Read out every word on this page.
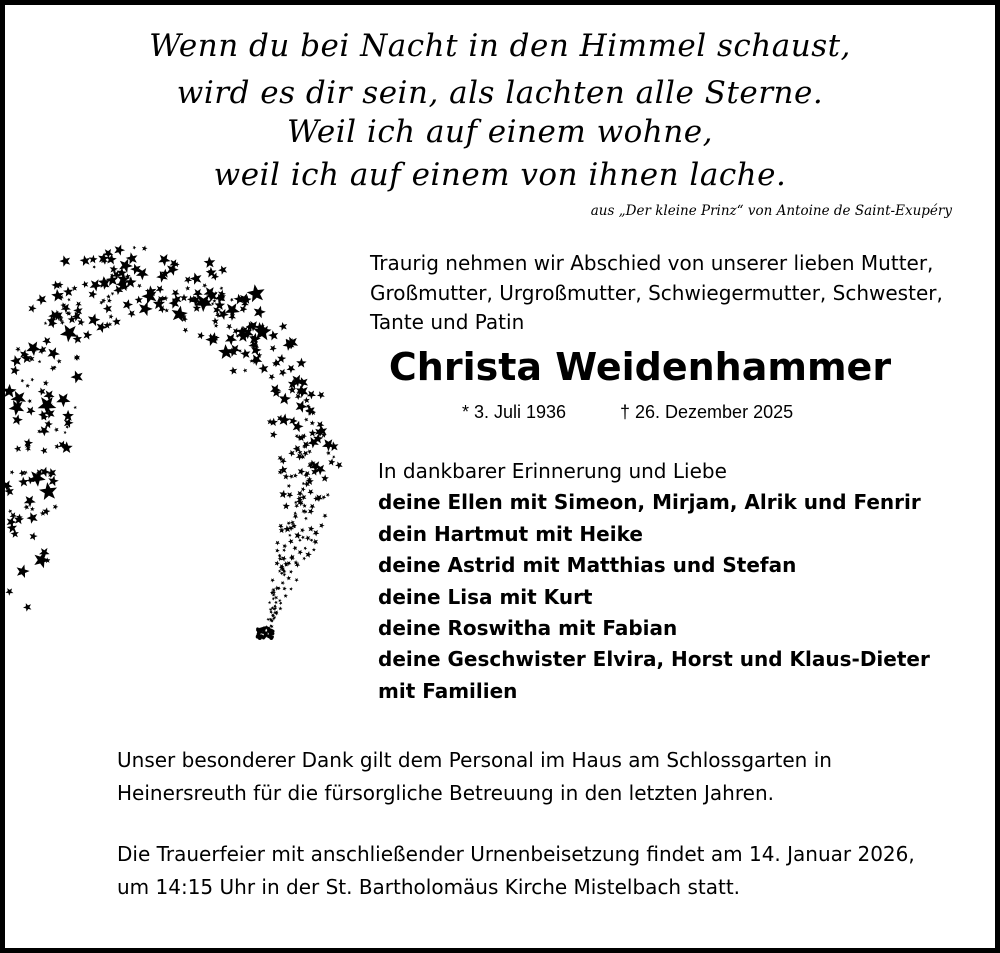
Wenn du bei Nacht in den Himmel schaust,
wird es dir sein, als lachten alle Sterne.
Weil ich auf einem wohne,
weil ich auf einem von ihnen lache.
aus „Der kleine Prinz“ von Antoine de Saint-Exupéry
Traurig nehmen wir Abschied von unserer lieben Mutter,
Großmutter, Urgroßmutter, Schwiegermutter, Schwester,
Tante und Patin
Christa Weidenhammer
* 3. Juli 1936	† 26. Dezember 2025
In dankbarer Erinnerung und Liebe
deine Ellen mit Simeon, Mirjam, Alrik und Fenrir
dein Hartmut mit Heike
deine Astrid mit Matthias und Stefan
deine Lisa mit Kurt
deine Roswitha mit Fabian
deine Geschwister Elvira, Horst und Klaus-Dieter
mit Familien
Unser besonderer Dank gilt dem Personal im Haus am Schlossgarten in
Heinersreuth für die fürsorgliche Betreuung in den letzten Jahren.
Die Trauerfeier mit anschließender Urnenbeisetzung findet am 14. Januar 2026,
um 14:15 Uhr in der St. Bartholomäus Kirche Mistelbach statt.
